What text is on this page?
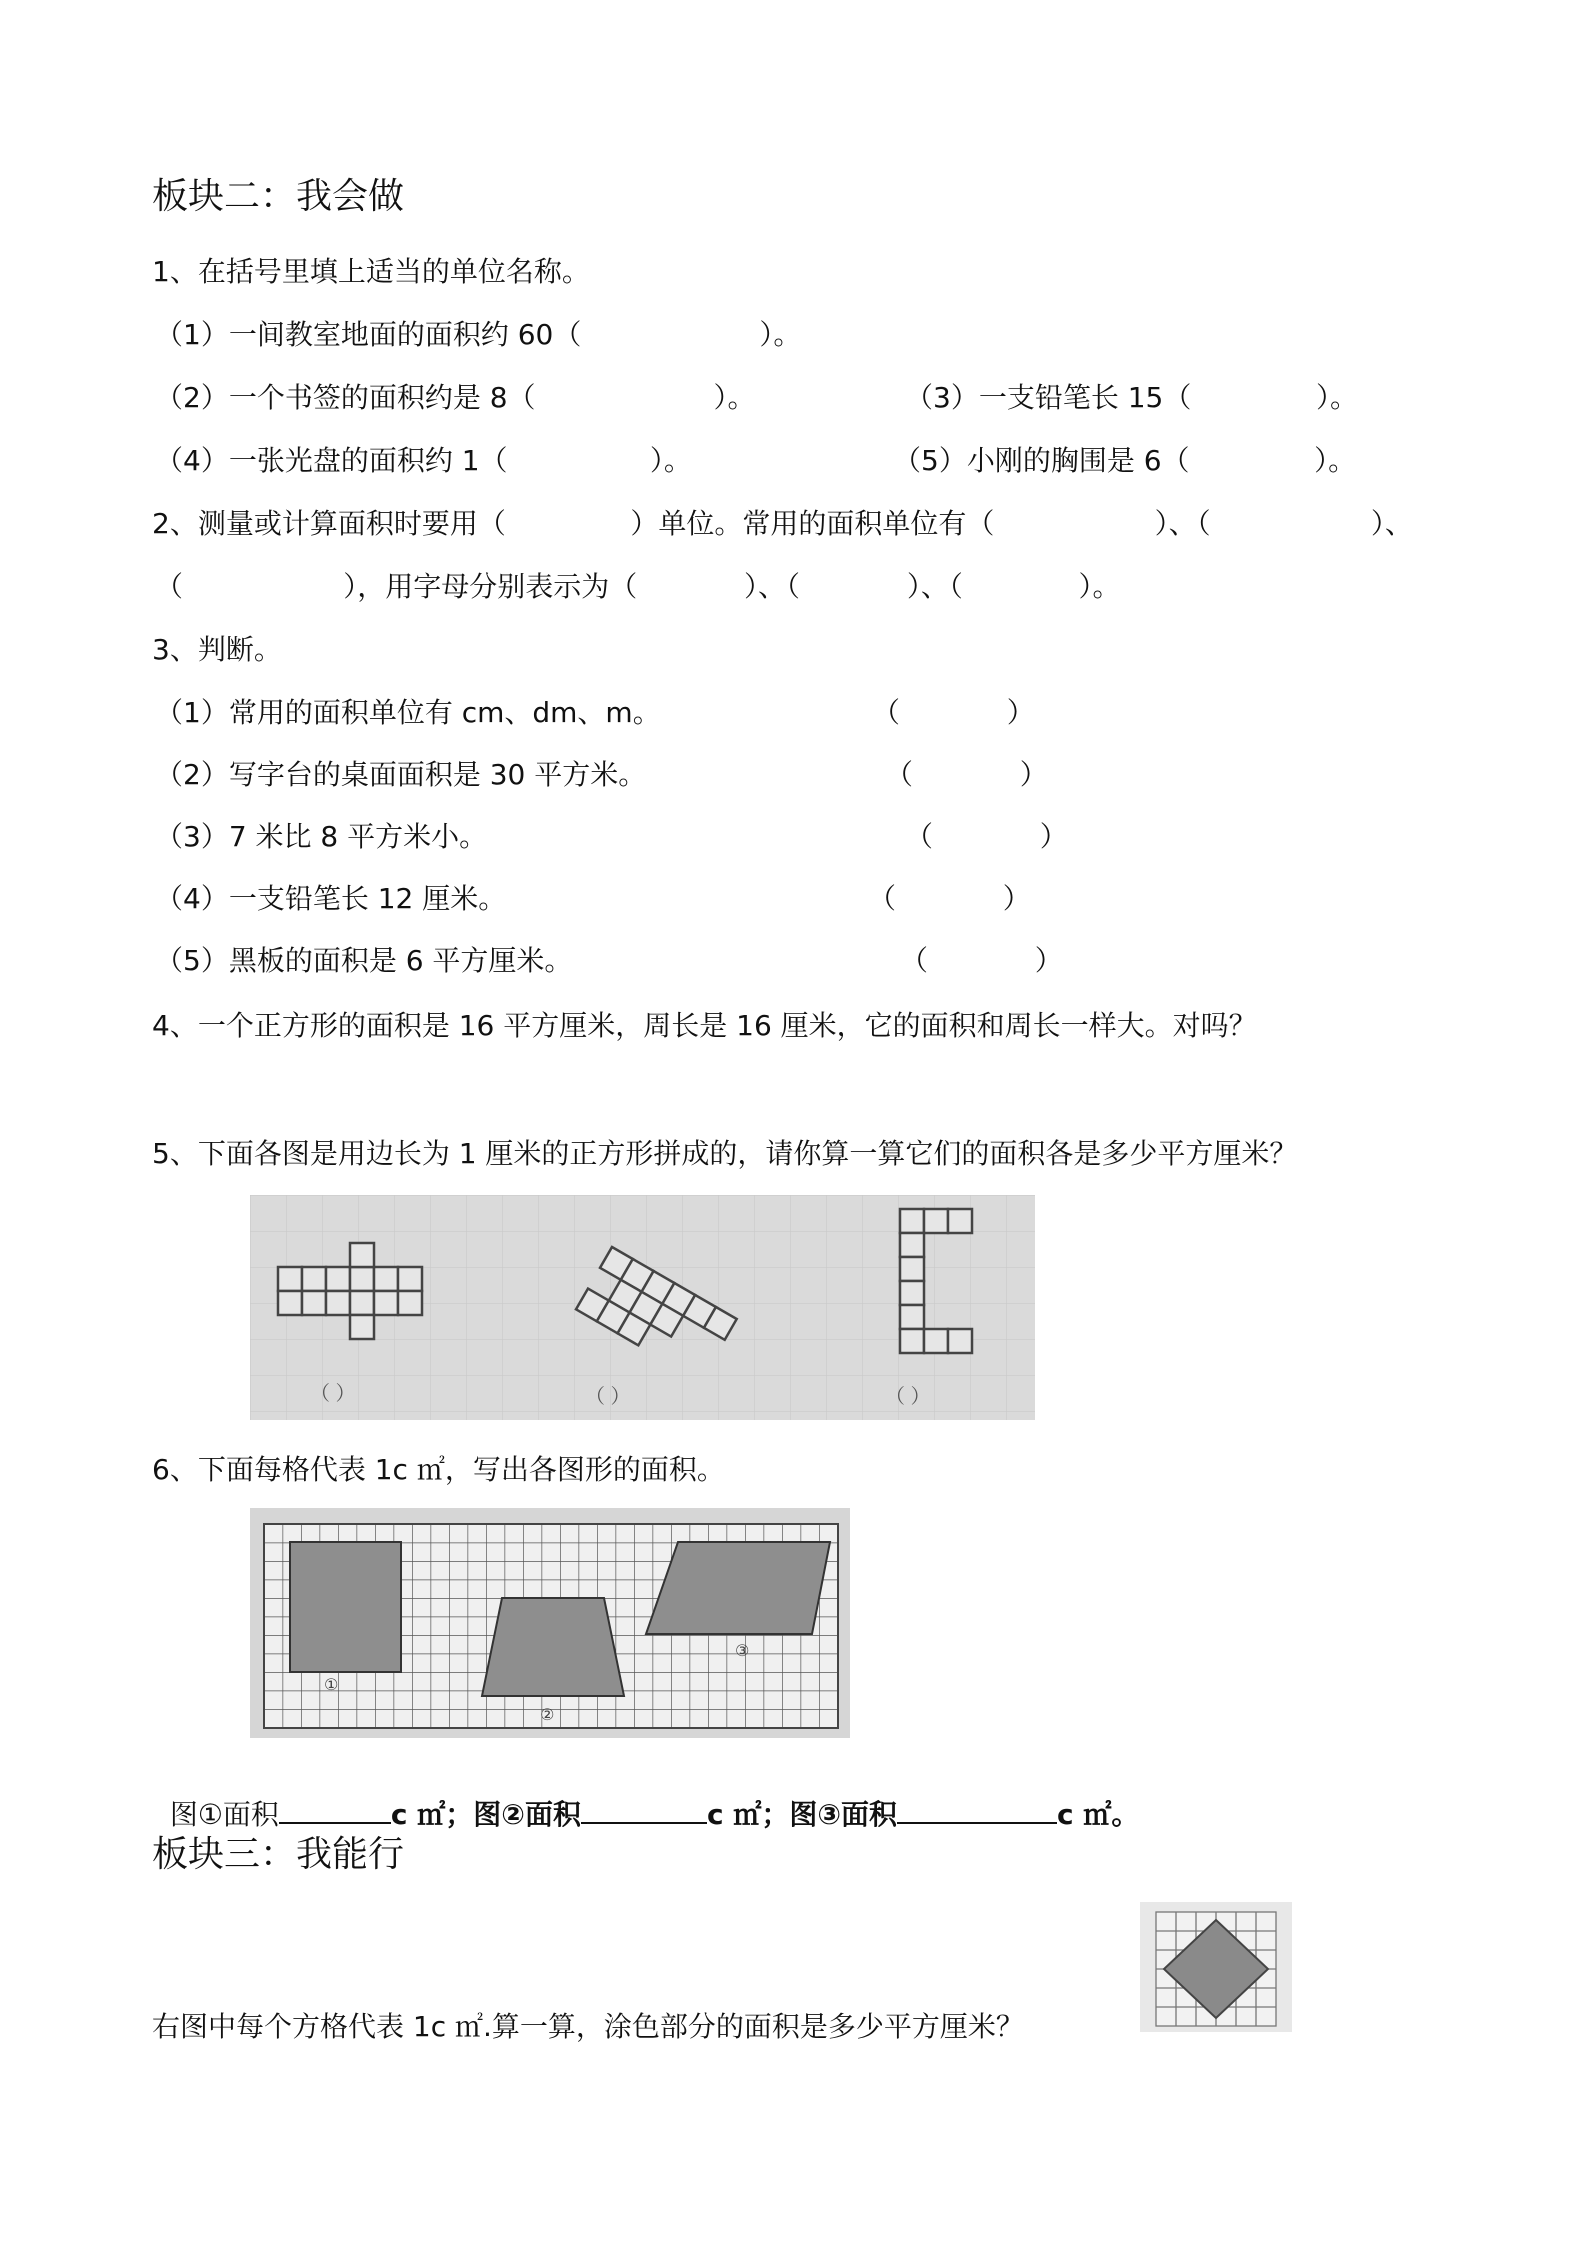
板块二：我会做
1、在括号里填上适当的单位名称。
（1）一间教室地面的面积约 60（                    ）。
（2）一个书签的面积约是 8（                    ）。	（3）一支铅笔长 15（              ）。
（4）一张光盘的面积约 1（                ）。	（5）小刚的胸围是 6（              ）。
2、测量或计算面积时要用（              ）单位。常用的面积单位有（                  ）、（                  ）、
（                  ），用字母分别表示为（            ）、（            ）、（             ）。
3、判断。
（1）常用的面积单位有 cm、dm、m。	（            ）
（2）写字台的桌面面积是 30 平方米。	（            ）
（3）7 米比 8 平方米小。	（            ）
（4）一支铅笔长 12 厘米。	（            ）
（5）黑板的面积是 6 平方厘米。	（            ）
4、一个正方形的面积是 16 平方厘米，周长是 16 厘米，它的面积和周长一样大。对吗？
5、下面各图是用边长为 1 厘米的正方形拼成的，请你算一算它们的面积各是多少平方厘米？
（ ）	（ ）	（ ）
6、下面每格代表 1c ㎡，写出各图形的面积。
①
②
③

图①面积	c ㎡；图②面积	c ㎡；图③面积	c ㎡。

板块三：我能行
右图中每个方格代表 1c ㎡.算一算，涂色部分的面积是多少平方厘米？
